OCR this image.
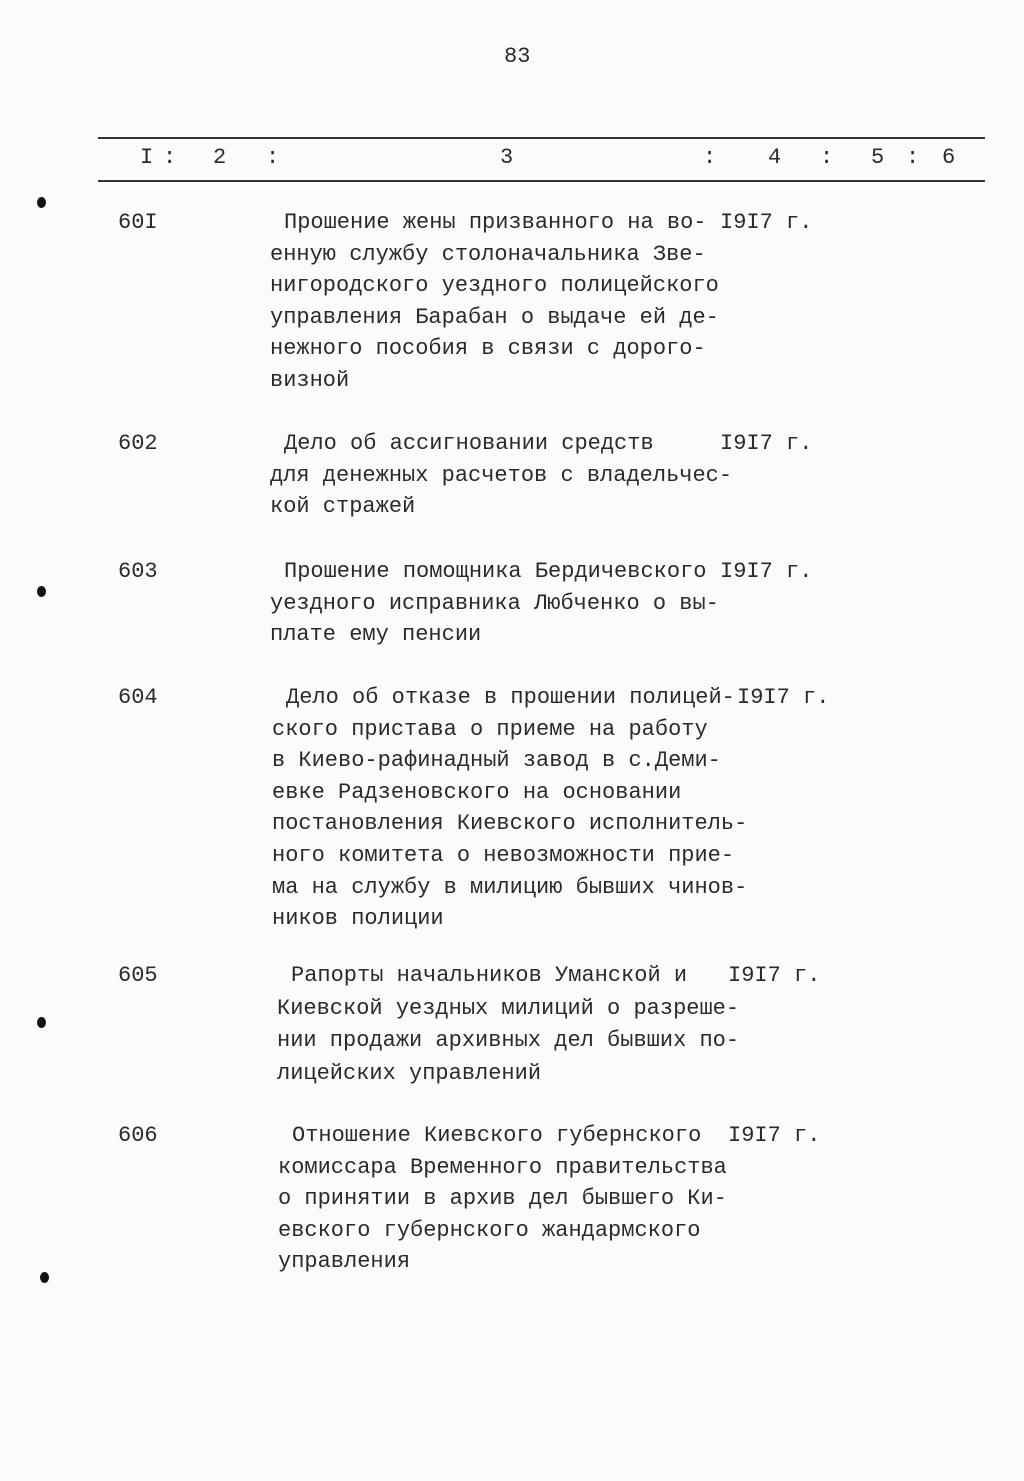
83
I : 2 :	3	: 4 : 5 : 6
60I	Прошение жены призванного на во-
енную службу столоначальника Зве-
нигородского уездного полицейского
управления Барабан о выдаче ей де-
нежного пособия в связи с дорого-
визной
I9I7 г.
602	Дело об ассигновании средств
для денежных расчетов с владельчес-
кой стражей
I9I7 г.
603	Прошение помощника Бердичевского
уездного исправника Любченко о вы-
плате ему пенсии
I9I7 г.
604	Дело об отказе в прошении полицей-
ского пристава о приеме на работу
в Киево-рафинадный завод в с.Деми-
евке Радзеновского на основании
постановления Киевского исполнитель-
ного комитета о невозможности прие-
ма на службу в милицию бывших чинов-
ников полиции
I9I7 г.
605	Рапорты начальников Уманской и
Киевской уездных милиций о разреше-
нии продажи архивных дел бывших по-
лицейских управлений
I9I7 г.
606	Отношение Киевского губернского
комиссара Временного правительства
о принятии в архив дел бывшего Ки-
евского губернского жандармского
управления
I9I7 г.
